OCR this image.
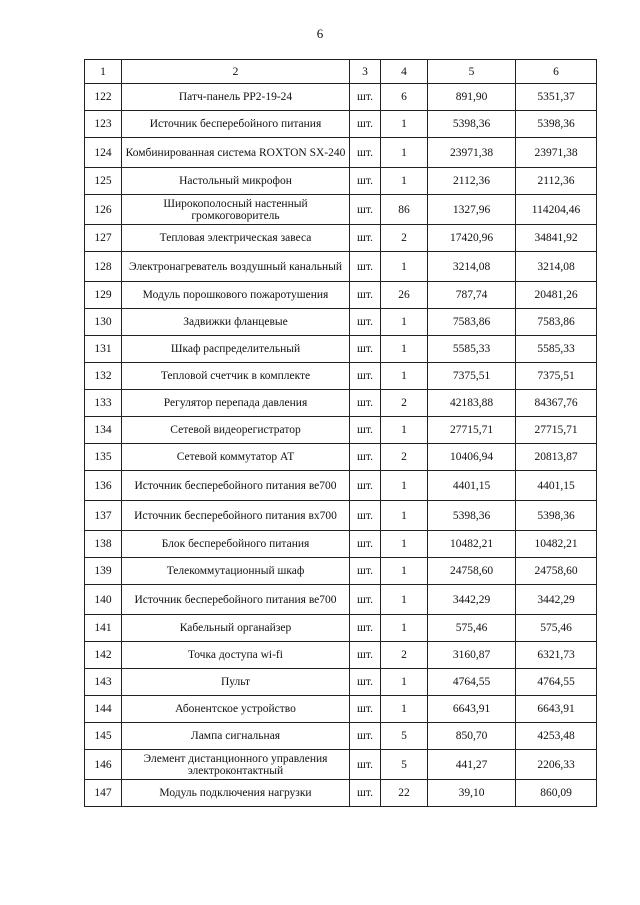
6
1	2	3	4	5	6
122	Патч-панель PP2-19-24	шт.	6	891,90	5351,37
123	Источник бесперебойного питания	шт.	1	5398,36	5398,36
124	Комбинированная система ROXTON SX-240	шт.	1	23971,38	23971,38
125	Настольный микрофон	шт.	1	2112,36	2112,36
126	Широкополосный настенный громкоговоритель	шт.	86	1327,96	114204,46
127	Тепловая электрическая завеса	шт.	2	17420,96	34841,92
128	Электронагреватель воздушный канальный	шт.	1	3214,08	3214,08
129	Модуль порошкового пожаротушения	шт.	26	787,74	20481,26
130	Задвижки фланцевые	шт.	1	7583,86	7583,86
131	Шкаф распределительный	шт.	1	5585,33	5585,33
132	Тепловой счетчик в комплекте	шт.	1	7375,51	7375,51
133	Регулятор перепада давления	шт.	2	42183,88	84367,76
134	Сетевой видеорегистратор	шт.	1	27715,71	27715,71
135	Сетевой коммутатор АТ	шт.	2	10406,94	20813,87
136	Источник бесперебойного питания ве700	шт.	1	4401,15	4401,15
137	Источник бесперебойного питания вх700	шт.	1	5398,36	5398,36
138	Блок бесперебойного питания	шт.	1	10482,21	10482,21
139	Телекоммутационный шкаф	шт.	1	24758,60	24758,60
140	Источник бесперебойного питания ве700	шт.	1	3442,29	3442,29
141	Кабельный органайзер	шт.	1	575,46	575,46
142	Точка доступа wi-fi	шт.	2	3160,87	6321,73
143	Пульт	шт.	1	4764,55	4764,55
144	Абонентское устройство	шт.	1	6643,91	6643,91
145	Лампа сигнальная	шт.	5	850,70	4253,48
146	Элемент дистанционного управления электроконтактный	шт.	5	441,27	2206,33
147	Модуль подключения нагрузки	шт.	22	39,10	860,09
